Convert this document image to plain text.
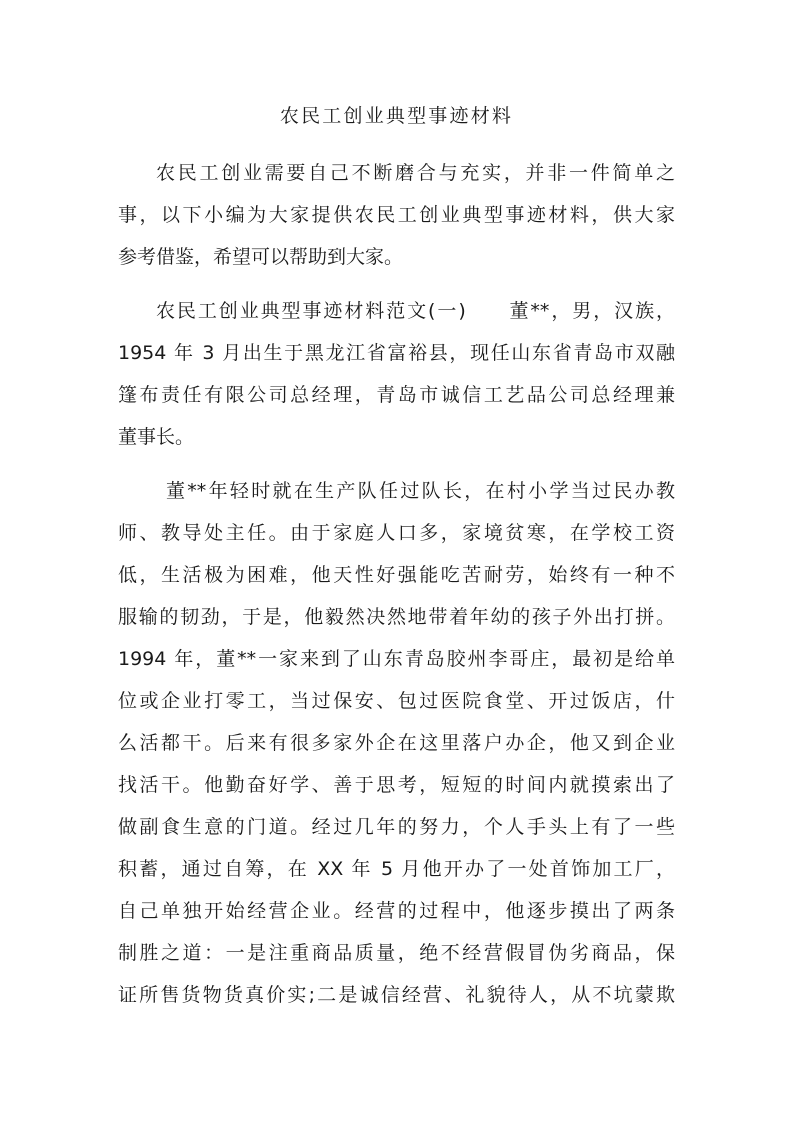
农民工创业典型事迹材料
农民工创业需要自己不断磨合与充实，并非一件简单之
事，以下小编为大家提供农民工创业典型事迹材料，供大家
参考借鉴，希望可以帮助到大家。
农民工创业典型事迹材料范文(一)　　董**，男，汉族，
1954 年 3 月出生于黑龙江省富裕县，现任山东省青岛市双融
篷布责任有限公司总经理，青岛市诚信工艺品公司总经理兼
董事长。
董**年轻时就在生产队任过队长，在村小学当过民办教
师、教导处主任。由于家庭人口多，家境贫寒，在学校工资
低，生活极为困难，他天性好强能吃苦耐劳，始终有一种不
服输的韧劲，于是，他毅然决然地带着年幼的孩子外出打拼。
1994 年，董**一家来到了山东青岛胶州李哥庄，最初是给单
位或企业打零工，当过保安、包过医院食堂、开过饭店，什
么活都干。后来有很多家外企在这里落户办企，他又到企业
找活干。他勤奋好学、善于思考，短短的时间内就摸索出了
做副食生意的门道。经过几年的努力，个人手头上有了一些
积蓄，通过自筹，在 XX 年 5 月他开办了一处首饰加工厂，
自己单独开始经营企业。经营的过程中，他逐步摸出了两条
制胜之道：一是注重商品质量，绝不经营假冒伪劣商品，保
证所售货物货真价实;二是诚信经营、礼貌待人，从不坑蒙欺
